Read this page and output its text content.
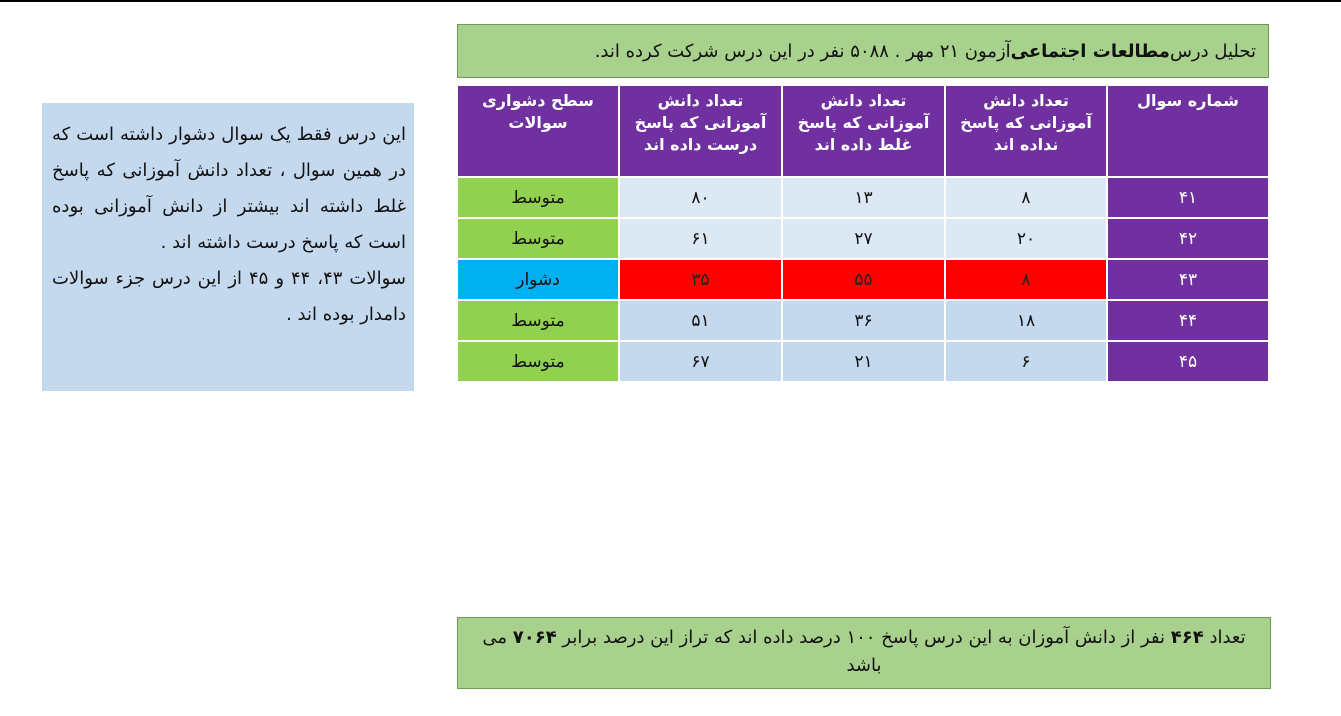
تحلیل درس
مطالعات اجتماعی
آزمون ۲۱ مهر . ۵۰۸۸ نفر در این درس شرکت کرده اند.
شماره سوال	تعداد دانش آموزانی که پاسخ نداده اند	تعداد دانش آموزانی که پاسخ غلط داده اند	تعداد دانش آموزانی که پاسخ درست داده اند	سطح دشواری سوالات
۴۱	۸	۱۳	۸۰	متوسط
۴۲	۲۰	۲۷	۶۱	متوسط
۴۳	۸	۵۵	۳۵	دشوار
۴۴	۱۸	۳۶	۵۱	متوسط
۴۵	۶	۲۱	۶۷	متوسط

این درس فقط یک سوال دشوار داشته است که در همین سوال ، تعداد دانش آموزانی که پاسخ غلط داشته اند بیشتر از دانش آموزانی بوده است که پاسخ درست داشته اند .

سوالات ۴۳، ۴۴ و ۴۵ از این درس جزء سوالات دامدار بوده اند .

تعداد ۴۶۴ نفر از دانش آموزان به این درس پاسخ ۱۰۰ درصد داده اند که تراز این درصد برابر ۷۰۶۴ می باشد
